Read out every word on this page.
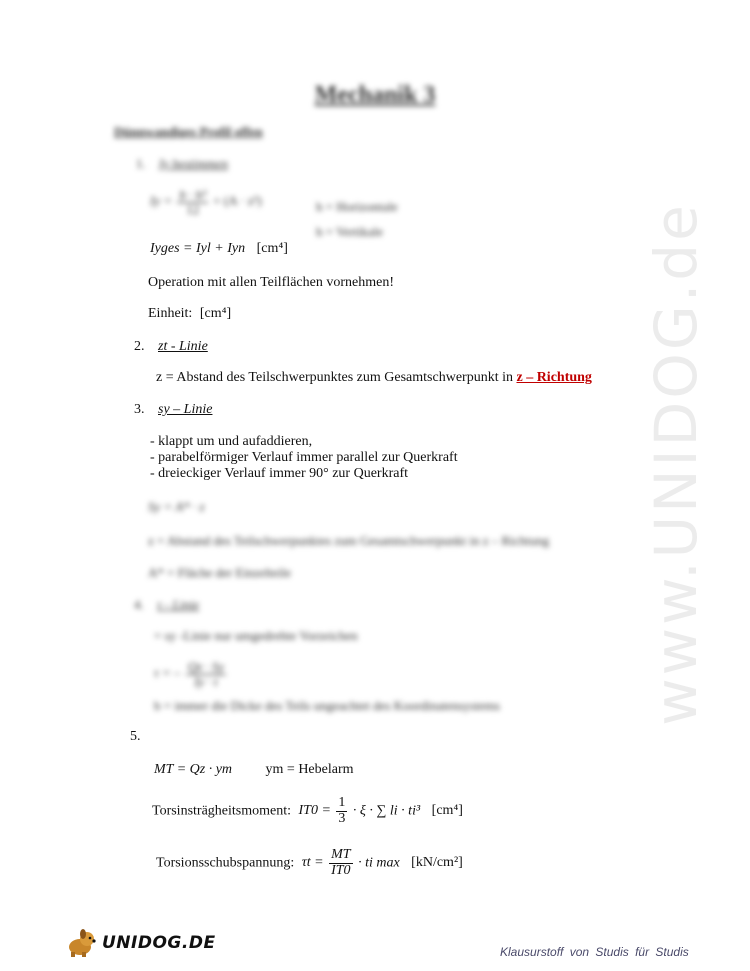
www.UNIDOG.de
Mechanik 3
Dünnwandiges Profil offen
1. Iy bestimmen
$Iy = \frac{\text{b · h³}}{12} + (A \cdot z^2)$	h = Horizontale
h = Vertikale
Iyges = Iyl + Iyn [cm⁴]
Operation mit allen Teilflächen vornehmen!
Einheit: [cm⁴]
2. zt - Linie
z = Abstand des Teilschwerpunktes zum Gesamtschwerpunkt in z – Richtung
3. sy – Linie
- klappt um und aufaddieren,
- parabelförmiger Verlauf immer parallel zur Querkraft
- dreieckiger Verlauf immer 90° zur Querkraft
Sy = A* · z
z = Abstand des Teilschwerpunktes zum Gesamtschwerpunkt in z – Richtung
A* = Fläche der Einzelteile
4. τ - Linie
= sy -Linie nur umgedrehte Vorzeichen
τ = – $\frac{Qz \cdot Sy}{Iy \cdot t}$
b = immer die Dicke des Teils ungeachtet des Koordinatensystems
5.
MT = Qz · ym ym = Hebelarm
Torsinsträgheitsmoment: $IT0 = \frac{1}{3} \cdot \xi$ · ∑ li · ti³ [cm⁴]
Torsionsschubspannung: $\tau t = \frac{MT}{IT0}$ · ti max [kN/cm²]
UNIDOG.DE	Klausurstoff von Studis für Studis
